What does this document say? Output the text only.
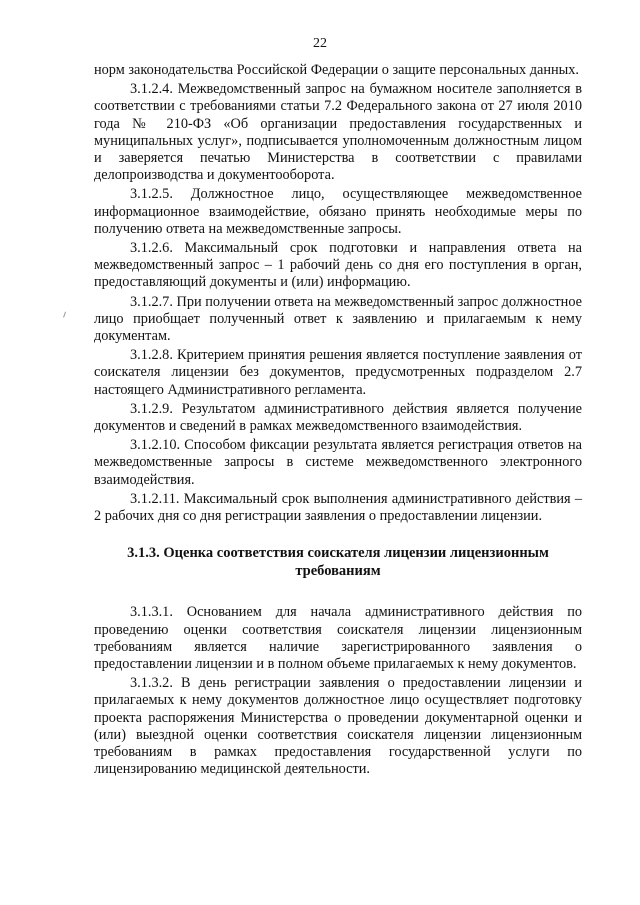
22

норм законодательства Российской Федерации о защите персональных данных.

3.1.2.4. Межведомственный запрос на бумажном носителе заполняется в соответствии с требованиями статьи 7.2 Федерального закона от 27 июля 2010 года № 210-ФЗ «Об организации предоставления государственных и муниципальных услуг», подписывается уполномоченным должностным лицом и заверяется печатью Министерства в соответствии с правилами делопроизводства и документооборота.

3.1.2.5. Должностное лицо, осуществляющее межведомственное информационное взаимодействие, обязано принять необходимые меры по получению ответа на межведомственные запросы.

3.1.2.6. Максимальный срок подготовки и направления ответа на межведомственный запрос – 1 рабочий день со дня его поступления в орган, предоставляющий документы и (или) информацию.

3.1.2.7. При получении ответа на межведомственный запрос должностное лицо приобщает полученный ответ к заявлению и прилагаемым к нему документам.

3.1.2.8. Критерием принятия решения является поступление заявления от соискателя лицензии без документов, предусмотренных подразделом 2.7 настоящего Административного регламента.

3.1.2.9. Результатом административного действия является получение документов и сведений в рамках межведомственного взаимодействия.

3.1.2.10. Способом фиксации результата является регистрация ответов на межведомственные запросы в системе межведомственного электронного взаимодействия.

3.1.2.11. Максимальный срок выполнения административного действия – 2 рабочих дня со дня регистрации заявления о предоставлении лицензии.

3.1.3. Оценка соответствия соискателя лицензии лицензионным требованиям

3.1.3.1. Основанием для начала административного действия по проведению оценки соответствия соискателя лицензии лицензионным требованиям является наличие зарегистрированного заявления о предоставлении лицензии и в полном объеме прилагаемых к нему документов.

3.1.3.2. В день регистрации заявления о предоставлении лицензии и прилагаемых к нему документов должностное лицо осуществляет подготовку проекта распоряжения Министерства о проведении документарной оценки и (или) выездной оценки соответствия соискателя лицензии лицензионным требованиям в рамках предоставления государственной услуги по лицензированию медицинской деятельности.
